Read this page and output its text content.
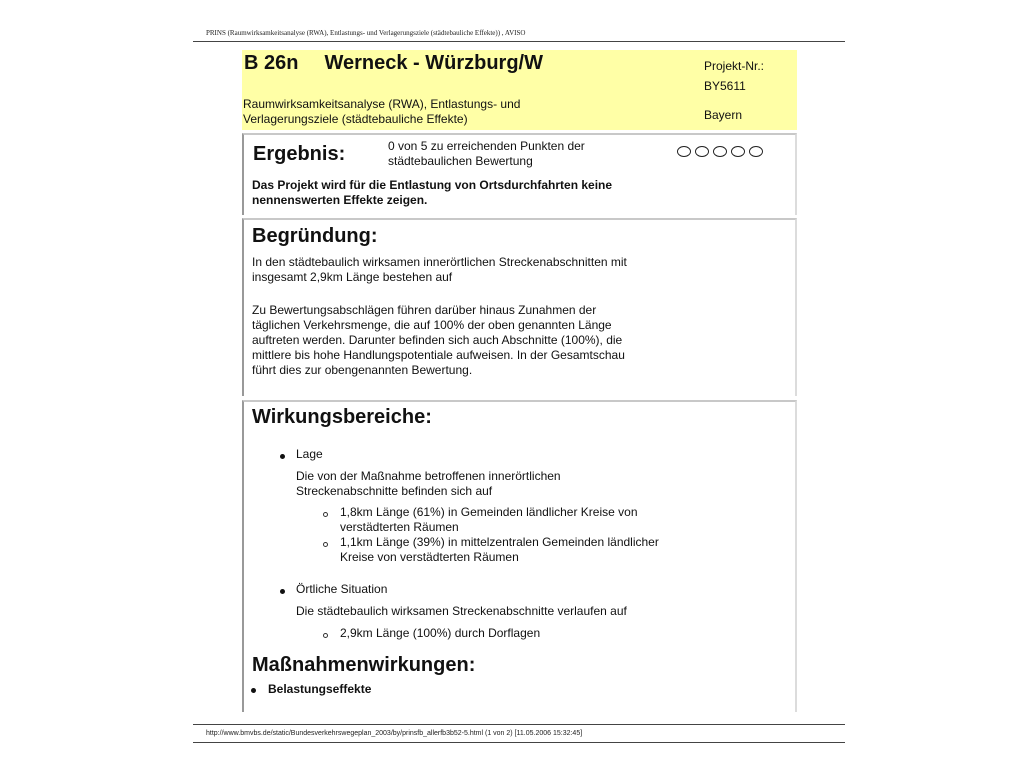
PRINS (Raumwirksamkeitsanalyse (RWA), Entlastungs- und Verlagerungsziele (städtebauliche Effekte)) , AVISO
B 26n Werneck - Würzburg/W
Raumwirksamkeitsanalyse (RWA), Entlastungs- und
Verlagerungsziele (städtebauliche Effekte)
Projekt-Nr.:
BY5611
Bayern
Ergebnis:	0 von 5 zu erreichenden Punkten der
städtebaulichen Bewertung
Das Projekt wird für die Entlastung von Ortsdurchfahrten keine
nennenswerten Effekte zeigen.
Begründung:
In den städtebaulich wirksamen innerörtlichen Streckenabschnitten mit
insgesamt 2,9km Länge bestehen auf
Zu Bewertungsabschlägen führen darüber hinaus Zunahmen der
täglichen Verkehrsmenge, die auf 100% der oben genannten Länge
auftreten werden. Darunter befinden sich auch Abschnitte (100%), die
mittlere bis hohe Handlungspotentiale aufweisen. In der Gesamtschau
führt dies zur obengenannten Bewertung.
Wirkungsbereiche:
Lage
Die von der Maßnahme betroffenen innerörtlichen
Streckenabschnitte befinden sich auf
1,8km Länge (61%) in Gemeinden ländlicher Kreise von
verstädterten Räumen
1,1km Länge (39%) in mittelzentralen Gemeinden ländlicher
Kreise von verstädterten Räumen
Örtliche Situation
Die städtebaulich wirksamen Streckenabschnitte verlaufen auf
2,9km Länge (100%) durch Dorflagen
Maßnahmenwirkungen:
Belastungseffekte
http://www.bmvbs.de/static/Bundesverkehrswegeplan_2003/by/prinsfb_allerfb3b52-5.html (1 von 2) [11.05.2006 15:32:45]
